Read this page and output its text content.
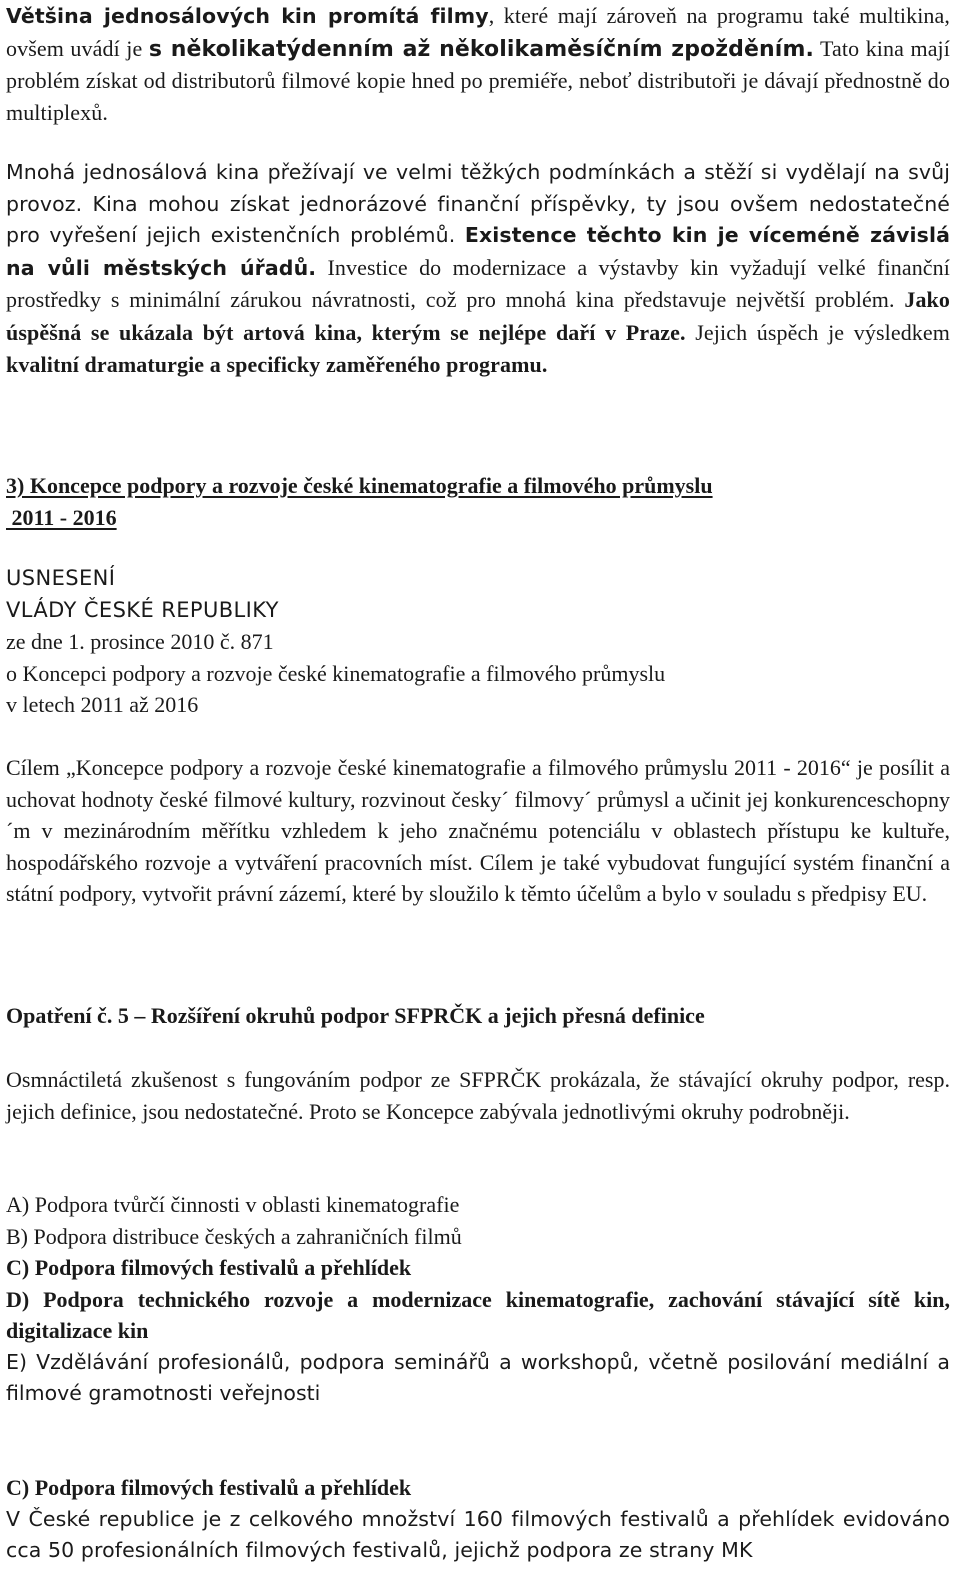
Většina jednosálových kin promítá filmy, které mají zároveň na programu také multikina, ovšem uvádí je s několikatýdenním až několikaměsíčním zpožděním. Tato kina mají problém získat od distributorů filmové kopie hned po premiéře, neboť distributoři je dávají přednostně do multiplexů.

Mnohá jednosálová kina přežívají ve velmi těžkých podmínkách a stěží si vydělají na svůj provoz. Kina mohou získat jednorázové finanční příspěvky, ty jsou ovšem nedostatečné pro vyřešení jejich existenčních problémů. Existence těchto kin je víceméně závislá na vůli městských úřadů. Investice do modernizace a výstavby kin vyžadují velké finanční prostředky s minimální zárukou návratnosti, což pro mnohá kina představuje největší problém. Jako úspěšná se ukázala být artová kina, kterým se nejlépe daří v Praze. Jejich úspěch je výsledkem kvalitní dramaturgie a specificky zaměřeného programu.

3) Koncepce podpory a rozvoje české kinematografie a filmového průmyslu

2011 - 2016

USNESENÍ

VLÁDY ČESKÉ REPUBLIKY

ze dne 1. prosince 2010 č. 871

o Koncepci podpory a rozvoje české kinematografie a filmového průmyslu

v letech 2011 až 2016

Cílem „Koncepce podpory a rozvoje české kinematografie a filmového průmyslu 2011 - 2016“ je posílit a uchovat hodnoty české filmové kultury, rozvinout česky´ filmovy´ průmysl a učinit jej konkurenceschopny´m v mezinárodním měřítku vzhledem k jeho značnému potenciálu v oblastech přístupu ke kultuře, hospodářského rozvoje a vytváření pracovních míst. Cílem je také vybudovat fungující systém finanční a státní podpory, vytvořit právní zázemí, které by sloužilo k těmto účelům a bylo v souladu s předpisy EU.

Opatření č. 5 – Rozšíření okruhů podpor SFPRČK a jejich přesná definice

Osmnáctiletá zkušenost s fungováním podpor ze SFPRČK prokázala, že stávající okruhy podpor, resp. jejich definice, jsou nedostatečné. Proto se Koncepce zabývala jednotlivými okruhy podrobněji.

A) Podpora tvůrčí činnosti v oblasti kinematografie

B) Podpora distribuce českých a zahraničních filmů

C) Podpora filmových festivalů a přehlídek

D) Podpora technického rozvoje a modernizace kinematografie, zachování stávající sítě kin, digitalizace kin

E) Vzdělávání profesionálů, podpora seminářů a workshopů, včetně posilování mediální a filmové gramotnosti veřejnosti

C) Podpora filmových festivalů a přehlídek

V České republice je z celkového množství 160 filmových festivalů a přehlídek evidováno cca 50 profesionálních filmových festivalů, jejichž podpora ze strany MK
